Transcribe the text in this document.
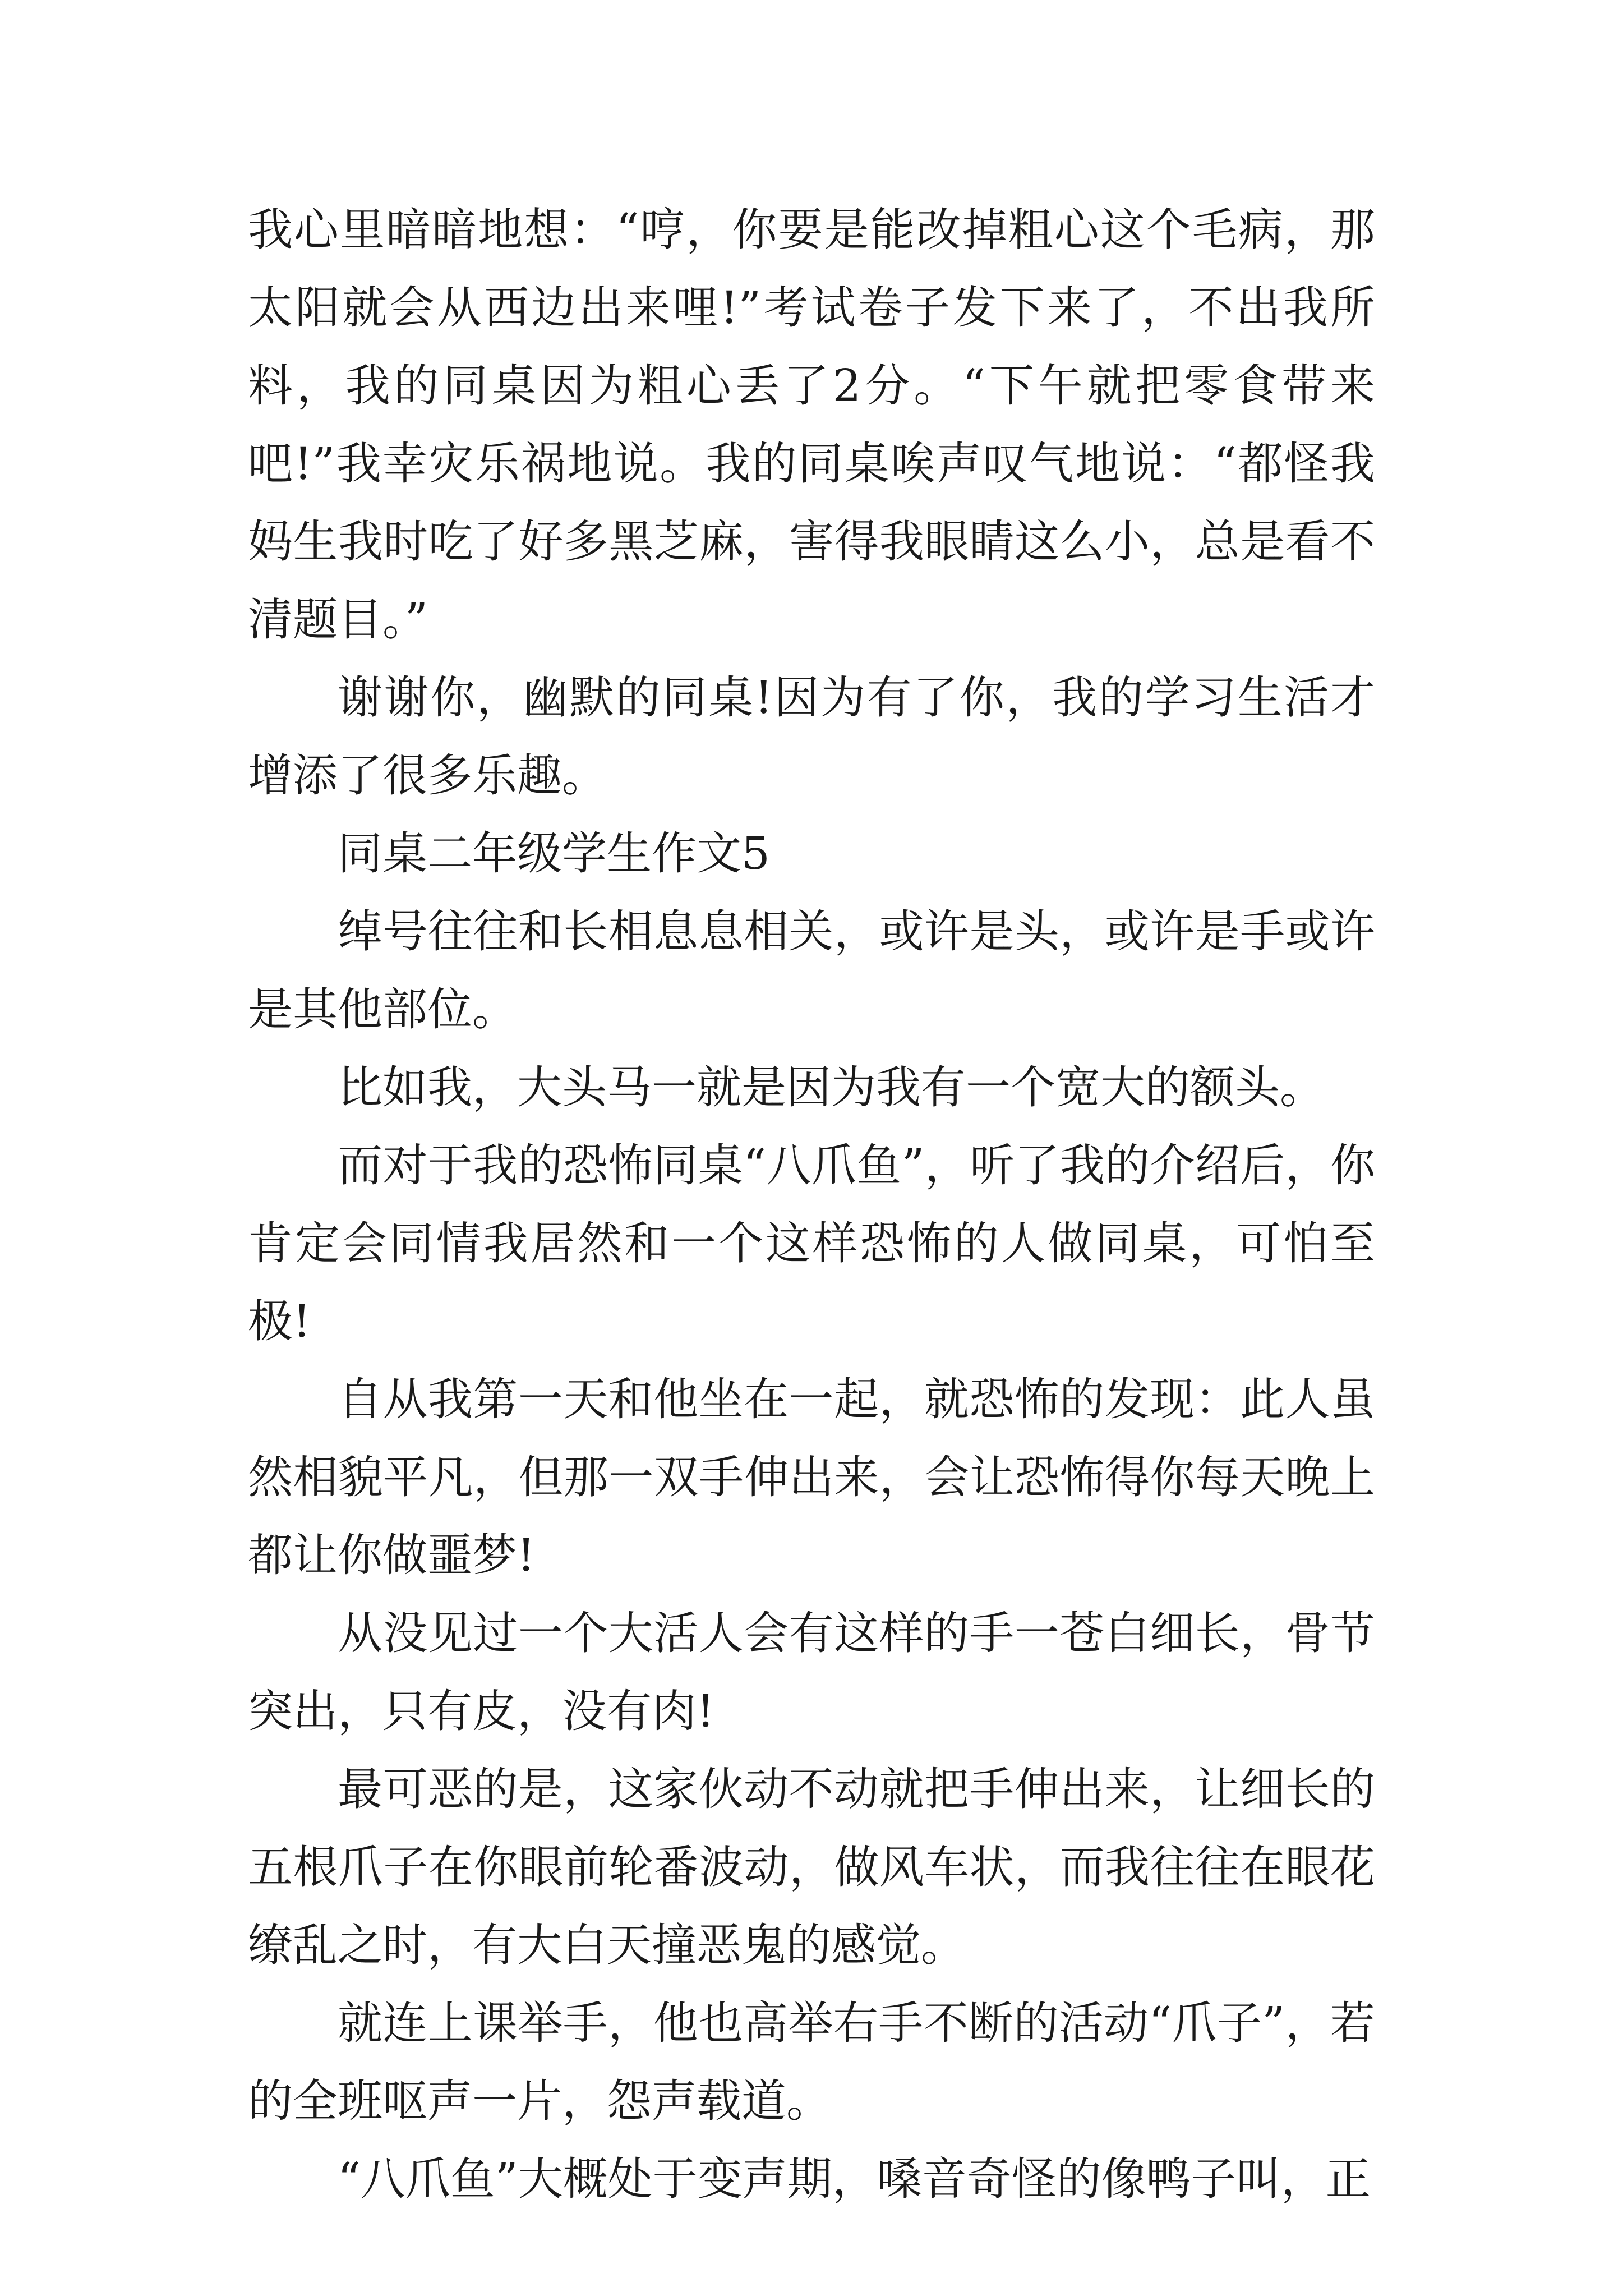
我心里暗暗地想：“哼，你要是能改掉粗心这个毛病，那太阳就会从西边出来哩!”考试卷子发下来了，不出我所料，我的同桌因为粗心丢了2分。“下午就把零食带来吧!”我幸灾乐祸地说。我的同桌唉声叹气地说：“都怪我妈生我时吃了好多黑芝麻，害得我眼睛这么小，总是看不清题目。”

谢谢你，幽默的同桌!因为有了你，我的学习生活才增添了很多乐趣。

同桌二年级学生作文5

绰号往往和长相息息相关，或许是头，或许是手或许是其他部位。

比如我，大头马一就是因为我有一个宽大的额头。

而对于我的恐怖同桌“八爪鱼”，听了我的介绍后，你肯定会同情我居然和一个这样恐怖的人做同桌，可怕至极!

自从我第一天和他坐在一起，就恐怖的发现：此人虽然相貌平凡，但那一双手伸出来，会让恐怖得你每天晚上都让你做噩梦!

从没见过一个大活人会有这样的手一苍白细长，骨节突出，只有皮，没有肉!

最可恶的是，这家伙动不动就把手伸出来，让细长的五根爪子在你眼前轮番波动，做风车状，而我往往在眼花缭乱之时，有大白天撞恶鬼的感觉。

就连上课举手，他也高举右手不断的活动“爪子”，若的全班呕声一片，怨声载道。

“八爪鱼”大概处于变声期，嗓音奇怪的像鸭子叫，正
